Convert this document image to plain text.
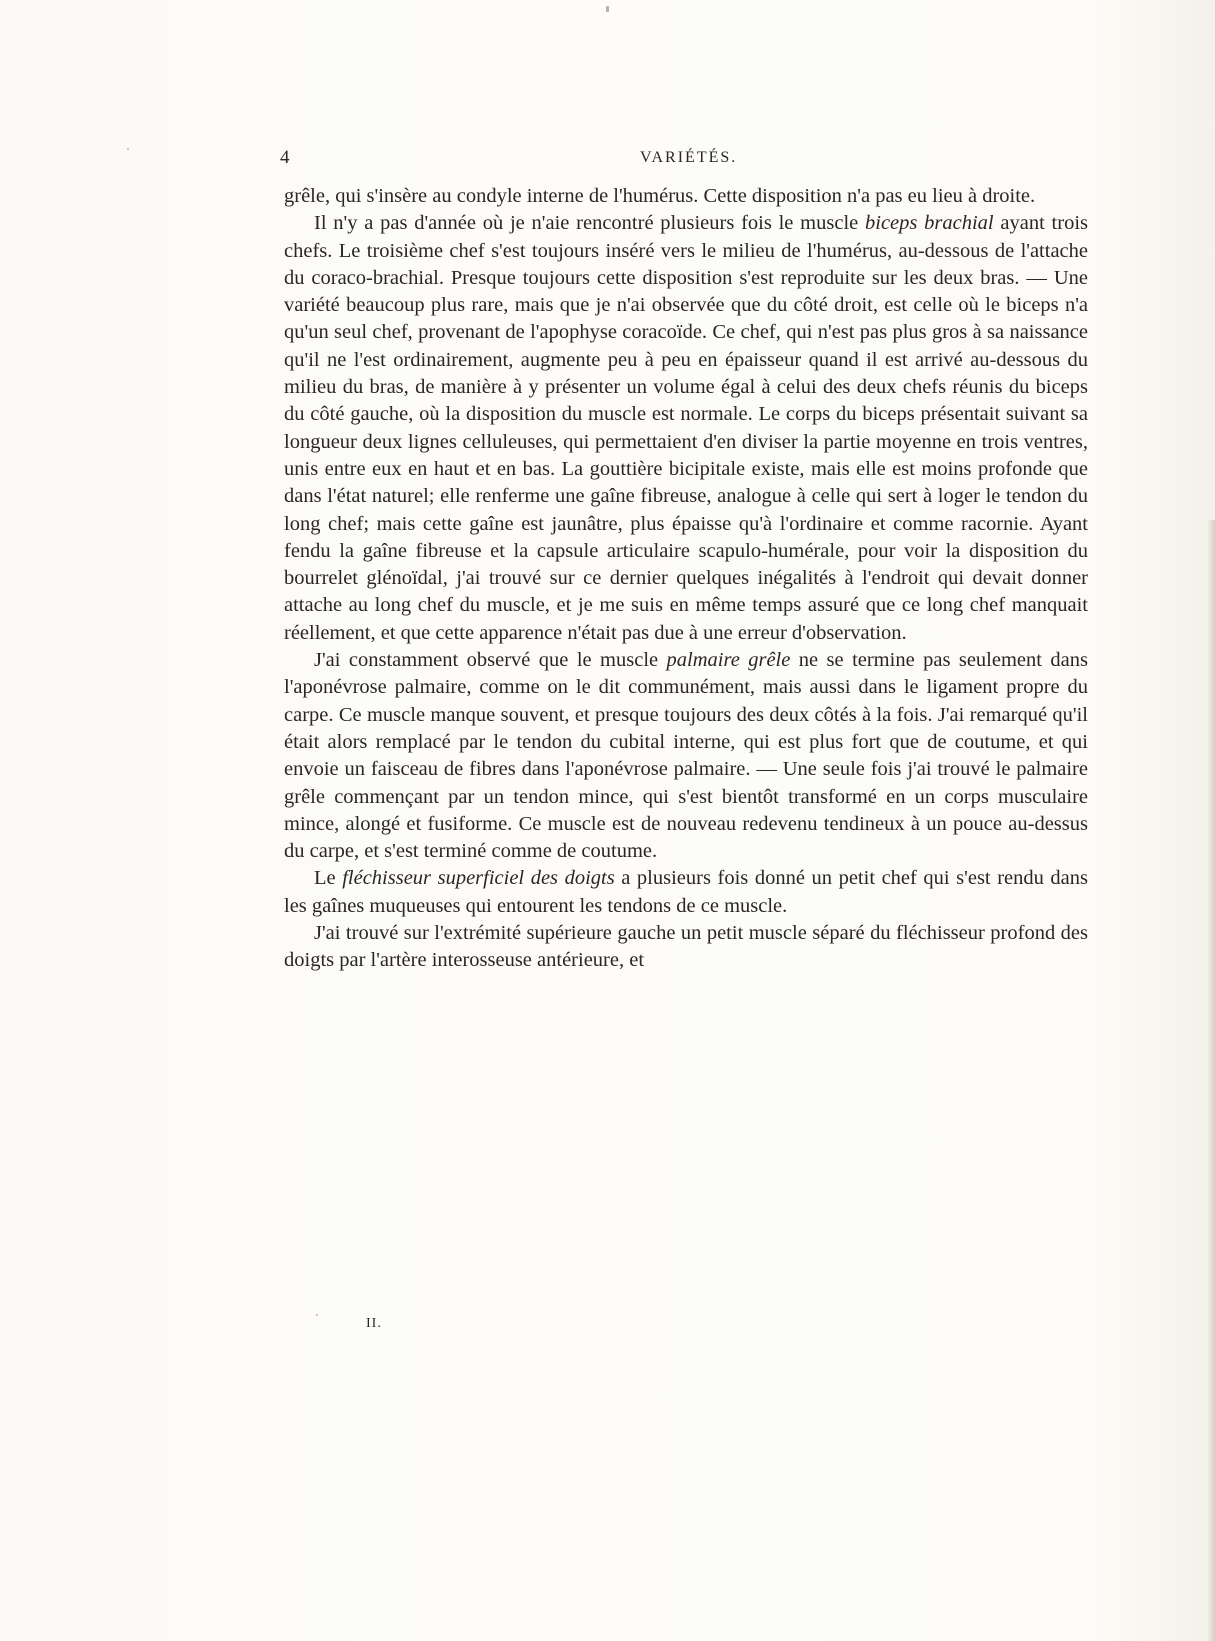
4	VARIÉTÉS.

grêle, qui s'insère au condyle interne de l'humérus. Cette disposition n'a pas eu lieu à droite.

Il n'y a pas d'année où je n'aie rencontré plusieurs fois le muscle biceps brachial ayant trois chefs. Le troisième chef s'est toujours inséré vers le milieu de l'humérus, au-dessous de l'attache du coraco-brachial. Presque toujours cette disposition s'est reproduite sur les deux bras. — Une variété beaucoup plus rare, mais que je n'ai observée que du côté droit, est celle où le biceps n'a qu'un seul chef, provenant de l'apophyse coracoïde. Ce chef, qui n'est pas plus gros à sa naissance qu'il ne l'est ordinairement, augmente peu à peu en épaisseur quand il est arrivé au-dessous du milieu du bras, de manière à y présenter un volume égal à celui des deux chefs réunis du biceps du côté gauche, où la disposition du muscle est normale. Le corps du biceps présentait suivant sa longueur deux lignes celluleuses, qui permettaient d'en diviser la partie moyenne en trois ventres, unis entre eux en haut et en bas. La gouttière bicipitale existe, mais elle est moins profonde que dans l'état naturel; elle renferme une gaîne fibreuse, analogue à celle qui sert à loger le tendon du long chef; mais cette gaîne est jaunâtre, plus épaisse qu'à l'ordinaire et comme racornie. Ayant fendu la gaîne fibreuse et la capsule articulaire scapulo-humérale, pour voir la disposition du bourrelet glénoïdal, j'ai trouvé sur ce dernier quelques inégalités à l'endroit qui devait donner attache au long chef du muscle, et je me suis en même temps assuré que ce long chef manquait réellement, et que cette apparence n'était pas due à une erreur d'observation.

J'ai constamment observé que le muscle palmaire grêle ne se termine pas seulement dans l'aponévrose palmaire, comme on le dit communément, mais aussi dans le ligament propre du carpe. Ce muscle manque souvent, et presque toujours des deux côtés à la fois. J'ai remarqué qu'il était alors remplacé par le tendon du cubital interne, qui est plus fort que de coutume, et qui envoie un faisceau de fibres dans l'aponévrose palmaire. — Une seule fois j'ai trouvé le palmaire grêle commençant par un tendon mince, qui s'est bientôt transformé en un corps musculaire mince, alongé et fusiforme. Ce muscle est de nouveau redevenu tendineux à un pouce au-dessus du carpe, et s'est terminé comme de coutume.

Le fléchisseur superficiel des doigts a plusieurs fois donné un petit chef qui s'est rendu dans les gaînes muqueuses qui entourent les tendons de ce muscle.

J'ai trouvé sur l'extrémité supérieure gauche un petit muscle séparé du fléchisseur profond des doigts par l'artère interosseuse antérieure, et

II.
